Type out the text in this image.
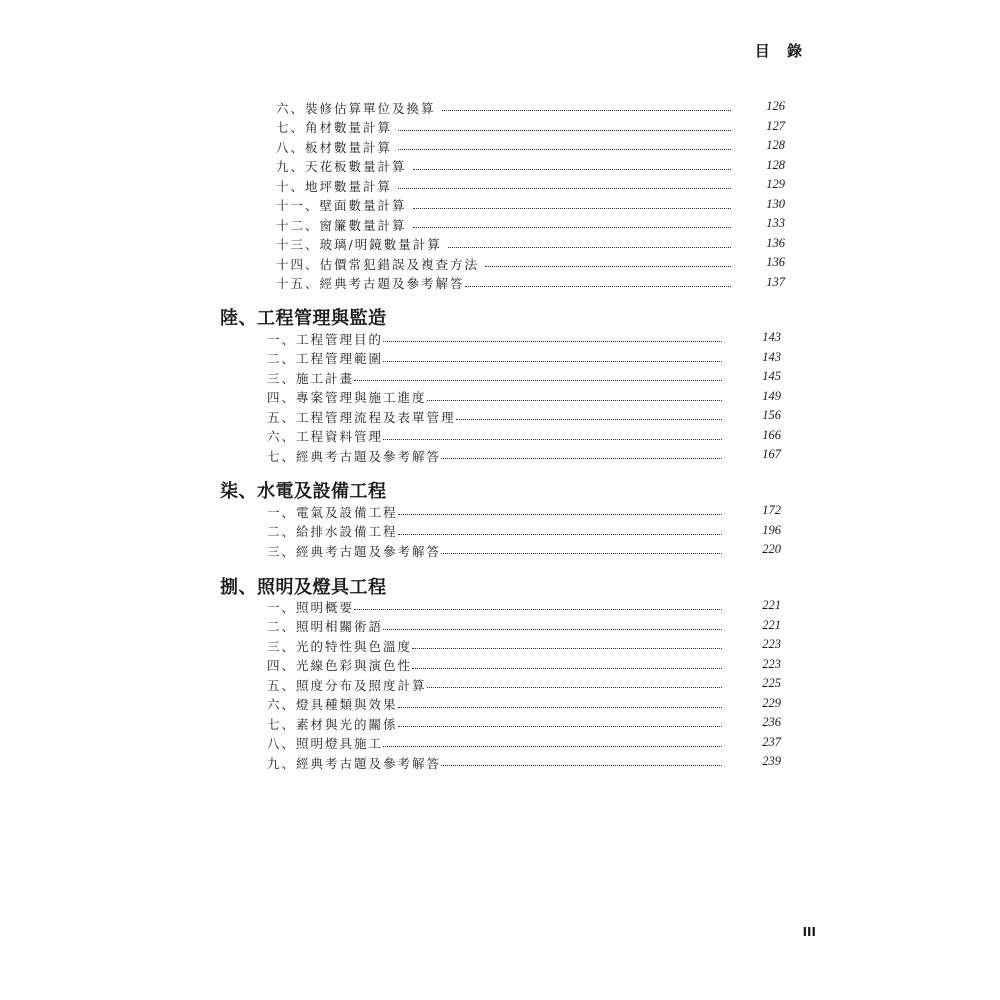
目 錄
六、裝修估算單位及換算	126
七、角材數量計算	127
八、板材數量計算	128
九、天花板數量計算	128
十、地坪數量計算	129
十一、壁面數量計算	130
十二、窗簾數量計算	133
十三、玻璃/明鏡數量計算	136
十四、估價常犯錯誤及複查方法	136
十五、經典考古題及參考解答	137
陸、工程管理與監造
一、工程管理目的	143
二、工程管理範圍	143
三、施工計畫	145
四、專案管理與施工進度	149
五、工程管理流程及表單管理	156
六、工程資料管理	166
七、經典考古題及參考解答	167
柒、水電及設備工程
一、電氣及設備工程	172
二、給排水設備工程	196
三、經典考古題及參考解答	220
捌、照明及燈具工程
一、照明概要	221
二、照明相關術語	221
三、光的特性與色溫度	223
四、光線色彩與演色性	223
五、照度分布及照度計算	225
六、燈具種類與效果	229
七、素材與光的關係	236
八、照明燈具施工	237
九、經典考古題及參考解答	239
III
